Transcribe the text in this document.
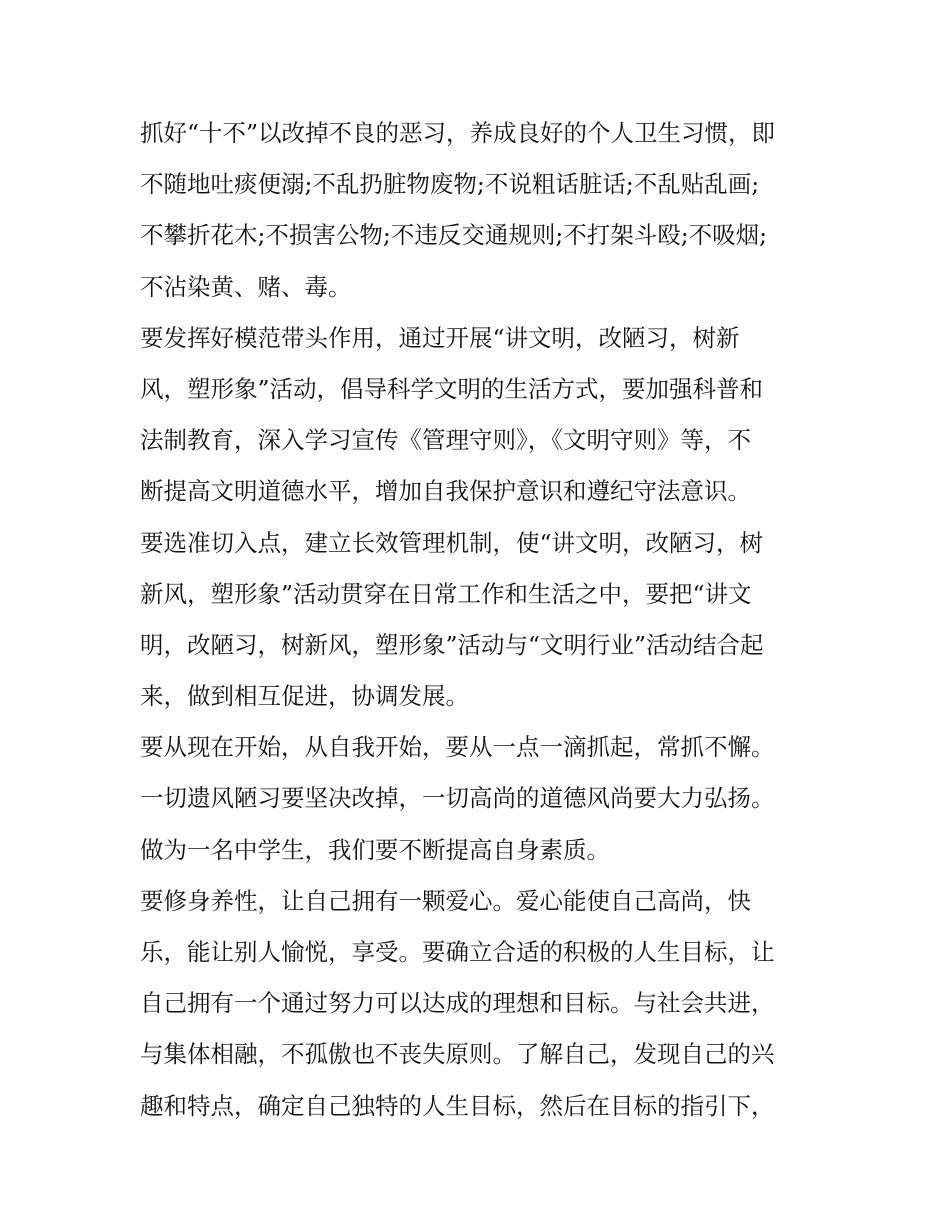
抓好“十不”以改掉不良的恶习，养成良好的个人卫生习惯，即
不随地吐痰便溺;不乱扔脏物废物;不说粗话脏话;不乱贴乱画;
不攀折花木;不损害公物;不违反交通规则;不打架斗殴;不吸烟;
不沾染黄、赌、毒。
要发挥好模范带头作用，通过开展“讲文明，改陋习，树新
风，塑形象”活动，倡导科学文明的生活方式，要加强科普和
法制教育，深入学习宣传《管理守则》，《文明守则》等，不
断提高文明道德水平，增加自我保护意识和遵纪守法意识。
要选准切入点，建立长效管理机制，使“讲文明，改陋习，树
新风，塑形象”活动贯穿在日常工作和生活之中，要把“讲文
明，改陋习，树新风，塑形象”活动与“文明行业”活动结合起
来，做到相互促进，协调发展。
要从现在开始，从自我开始，要从一点一滴抓起，常抓不懈。
一切遗风陋习要坚决改掉，一切高尚的道德风尚要大力弘扬。
做为一名中学生，我们要不断提高自身素质。
要修身养性，让自己拥有一颗爱心。爱心能使自己高尚，快
乐，能让别人愉悦，享受。要确立合适的积极的人生目标，让
自己拥有一个通过努力可以达成的理想和目标。与社会共进，
与集体相融，不孤傲也不丧失原则。了解自己，发现自己的兴
趣和特点，确定自己独特的人生目标，然后在目标的指引下，
